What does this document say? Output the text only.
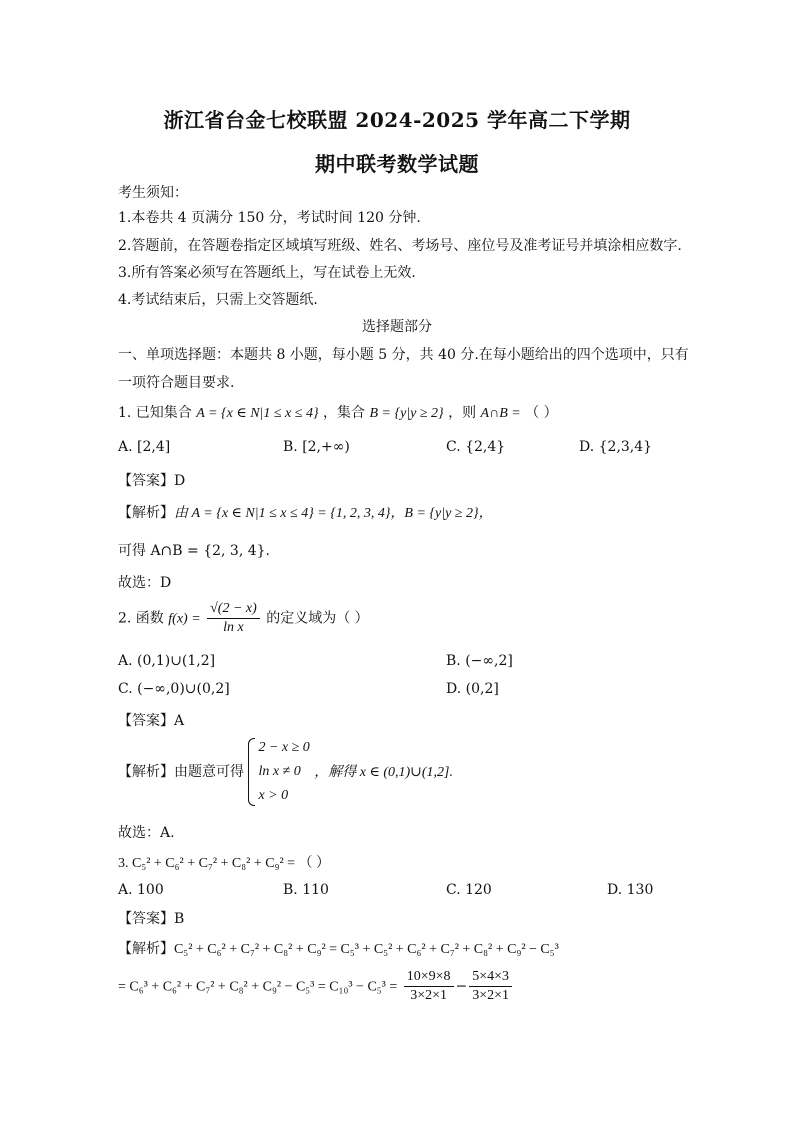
浙江省台金七校联盟 2024-2025 学年高二下学期
期中联考数学试题
考生须知：
1.本卷共 4 页满分 150 分，考试时间 120 分钟.
2.答题前，在答题卷指定区域填写班级、姓名、考场号、座位号及准考证号并填涂相应数字.
3.所有答案必须写在答题纸上，写在试卷上无效.
4.考试结束后，只需上交答题纸.
选择题部分
一、单项选择题：本题共 8 小题，每小题 5 分，共 40 分.在每小题给出的四个选项中，只有
一项符合题目要求.
1. 已知集合 A = {x ∈ N|1 ≤ x ≤ 4} ，集合 B = {y|y ≥ 2} ，则 A∩B = （ ）
A. [2,4]	B. [2,+∞)	C. {2,4}	D. {2,3,4}
【答案】D
【解析】由 A = {x ∈ N|1 ≤ x ≤ 4} = {1, 2, 3, 4}，B = {y|y ≥ 2}，
可得 A∩B = {2, 3, 4}.
故选：D
2. 函数 $f(x) = \frac{√(2 - x)}{\text{ln x}}$ 的定义域为（ ）
A. (0,1)∪(1,2]	B. (−∞,2]
C. (−∞,0)∪(0,2]	D. (0,2]
【答案】A
【解析】由题意可得
2 − x ≥ 0
ln x ≠ 0
x > 0
，解得 x ∈ (0,1)∪(1,2].
故选：A.
3. C₅² + C₆² + C₇² + C₈² + C₉² = （ ）
A. 100	B. 110	C. 120	D. 130
【答案】B
【解析】C₅² + C₆² + C₇² + C₈² + C₉² = C₅³ + C₅² + C₆² + C₇² + C₈² + C₉² − C₅³
= $C_6^3 + C_6^2 + C_7^2 + C_8^2 + C_9^2 - C_5^3 = C_{10}^3 - C_5^3 = \frac{10\times 9\times 8}{3\times 2\times 1} - \frac{5\times 4\times 3}{3\times 2\times 1}$
